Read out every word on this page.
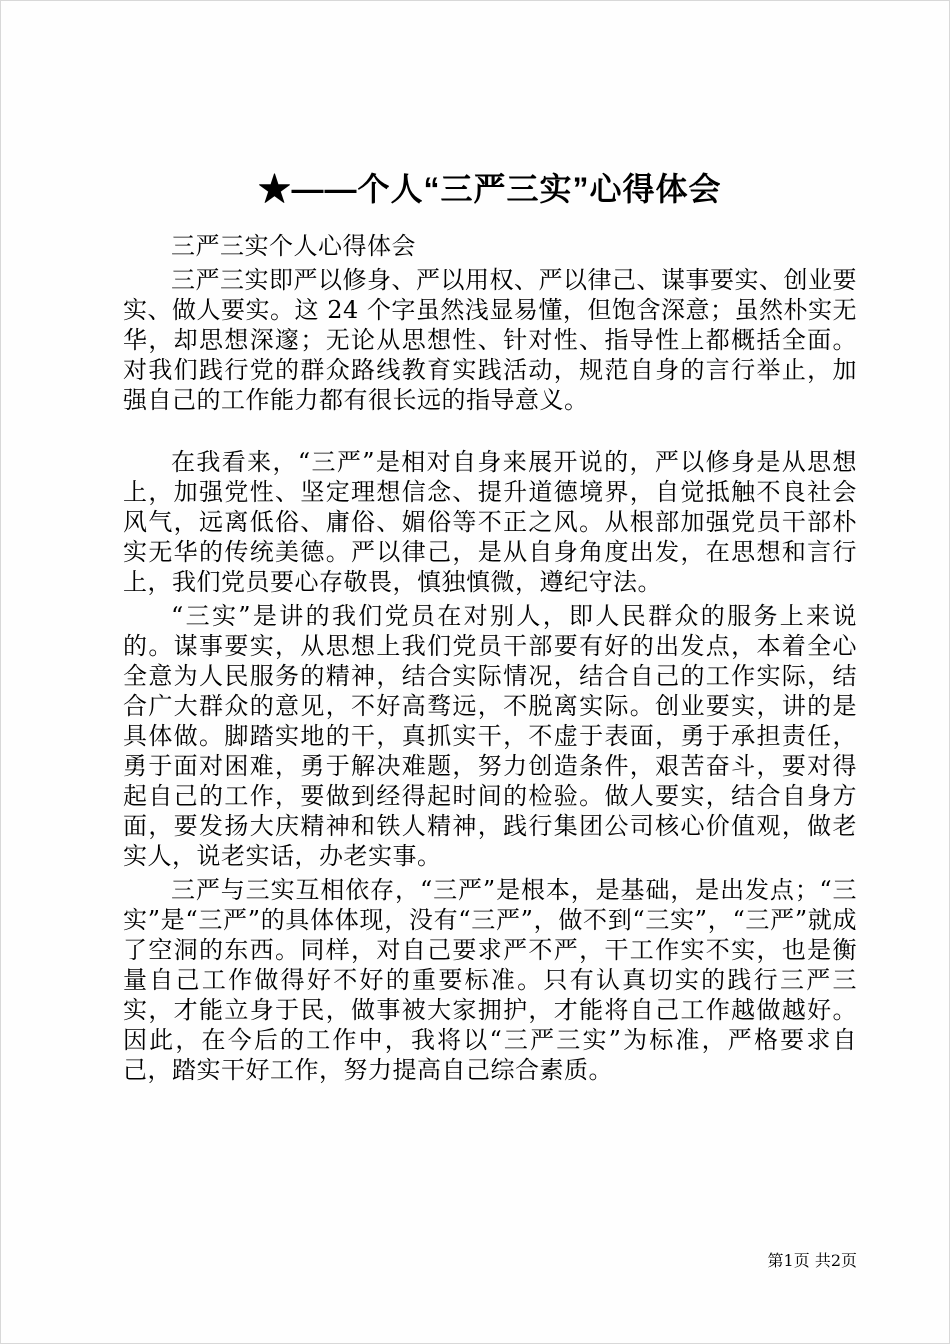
★——个人“三严三实”心得体会

三严三实个人心得体会

三严三实即严以修身、严以用权、严以律己、谋事要实、创业要实、做人要实。这 24 个字虽然浅显易懂，但饱含深意；虽然朴实无华，却思想深邃；无论从思想性、针对性、指导性上都概括全面。对我们践行党的群众路线教育实践活动，规范自身的言行举止，加强自己的工作能力都有很长远的指导意义。

在我看来，“三严”是相对自身来展开说的，严以修身是从思想上，加强党性、坚定理想信念、提升道德境界，自觉抵触不良社会风气，远离低俗、庸俗、媚俗等不正之风。从根部加强党员干部朴实无华的传统美德。严以律己，是从自身角度出发，在思想和言行上，我们党员要心存敬畏，慎独慎微，遵纪守法。

“三实”是讲的我们党员在对别人，即人民群众的服务上来说的。谋事要实，从思想上我们党员干部要有好的出发点，本着全心全意为人民服务的精神，结合实际情况，结合自己的工作实际，结合广大群众的意见，不好高骛远，不脱离实际。创业要实，讲的是具体做。脚踏实地的干，真抓实干，不虚于表面，勇于承担责任，勇于面对困难，勇于解决难题，努力创造条件，艰苦奋斗，要对得起自己的工作，要做到经得起时间的检验。做人要实，结合自身方面，要发扬大庆精神和铁人精神，践行集团公司核心价值观，做老实人，说老实话，办老实事。

三严与三实互相依存，“三严”是根本，是基础，是出发点；“三实”是“三严”的具体体现，没有“三严”，做不到“三实”，“三严”就成了空洞的东西。同样，对自己要求严不严，干工作实不实，也是衡量自己工作做得好不好的重要标准。只有认真切实的践行三严三实，才能立身于民，做事被大家拥护，才能将自己工作越做越好。因此，在今后的工作中，我将以“三严三实”为标准，严格要求自己，踏实干好工作，努力提高自己综合素质。

第1页 共2页
